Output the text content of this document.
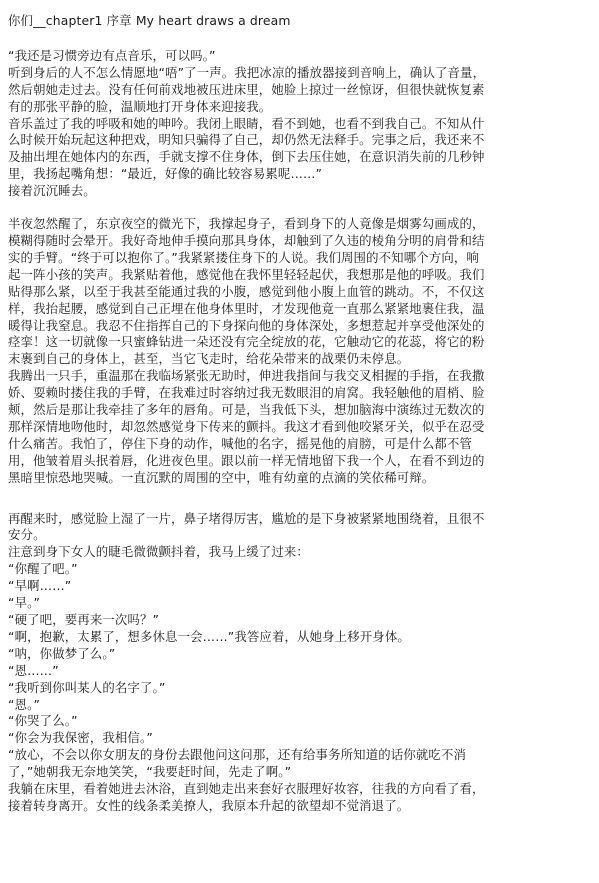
你们__chapter1 序章 My heart draws a dream
“我还是习惯旁边有点音乐，可以吗。”
听到身后的人不怎么情愿地“唔”了一声。我把冰凉的播放器接到音响上，确认了音量，
然后朝她走过去。没有任何前戏地被压进床里，她脸上掠过一丝惊讶，但很快就恢复素
有的那张平静的脸，温顺地打开身体来迎接我。
音乐盖过了我的呼吸和她的呻吟。我闭上眼睛，看不到她，也看不到我自己。不知从什
么时候开始玩起这种把戏，明知只骗得了自己，却仍然无法释手。完事之后，我还来不
及抽出埋在她体内的东西，手就支撑不住身体，倒下去压住她，在意识消失前的几秒钟
里，我扬起嘴角想：“最近，好像的确比较容易累呢……”
接着沉沉睡去。
半夜忽然醒了，东京夜空的微光下，我撑起身子，看到身下的人竟像是烟雾勾画成的，
模糊得随时会晕开。我好奇地伸手摸向那具身体，却触到了久违的棱角分明的肩骨和结
实的手臂。“终于可以抱你了。”我紧紧搂住身下的人说。我们周围的不知哪个方向，响
起一阵小孩的笑声。我紧贴着他，感觉他在我怀里轻轻起伏，我想那是他的呼吸。我们
贴得那么紧，以至于我甚至能通过我的小腹，感觉到他小腹上血管的跳动。不，不仅这
样，我抬起腰，感觉到自己正埋在他身体里时，才发现他竟一直那么紧紧地裹住我，温
暖得让我窒息。我忍不住指挥自己的下身探向他的身体深处，多想惹起并享受他深处的
痉挛！这一切就像一只蜜蜂钻进一朵还没有完全绽放的花，它触动它的花蕊，将它的粉
末裹到自己的身体上，甚至，当它飞走时，给花朵带来的战栗仍未停息。
我腾出一只手，重温那在我临场紧张无助时，伸进我指间与我交叉相握的手指，在我撒
娇、耍赖时搂住我的手臂，在我难过时容纳过我无数眼泪的肩窝。我轻触他的眉梢、脸
颊，然后是那让我牵挂了多年的唇角。可是，当我低下头，想加脑海中演练过无数次的
那样深情地吻他时，却忽然感觉身下传来的颤抖。我这才看到他咬紧牙关，似乎在忍受
什么痛苦。我怕了，停住下身的动作，喊他的名字，摇晃他的肩膀，可是什么都不管
用，他皱着眉头抿着唇，化进夜色里。跟以前一样无情地留下我一个人，在看不到边的
黑暗里惊恐地哭喊。一直沉默的周围的空中，唯有幼童的点滴的笑依稀可辩。
再醒来时，感觉脸上湿了一片，鼻子堵得厉害，尴尬的是下身被紧紧地围绕着，且很不
安分。
注意到身下女人的睫毛微微颤抖着，我马上缓了过来：
“你醒了吧。”
“早啊……”
“早。”
“硬了吧，要再来一次吗？”
“啊，抱歉，太累了，想多休息一会……”我答应着，从她身上移开身体。
“呐，你做梦了么。”
“恩……”
“我听到你叫某人的名字了。”
“恩。”
“你哭了么。”
“你会为我保密，我相信。”
“放心，不会以你女朋友的身份去跟他问这问那，还有给事务所知道的话你就吃不消
了，”她朝我无奈地笑笑，“我要赶时间，先走了啊。”
我躺在床里，看着她进去沐浴，直到她走出来套好衣服理好妆容，往我的方向看了看，
接着转身离开。女性的线条柔美撩人，我原本升起的欲望却不觉消退了。
